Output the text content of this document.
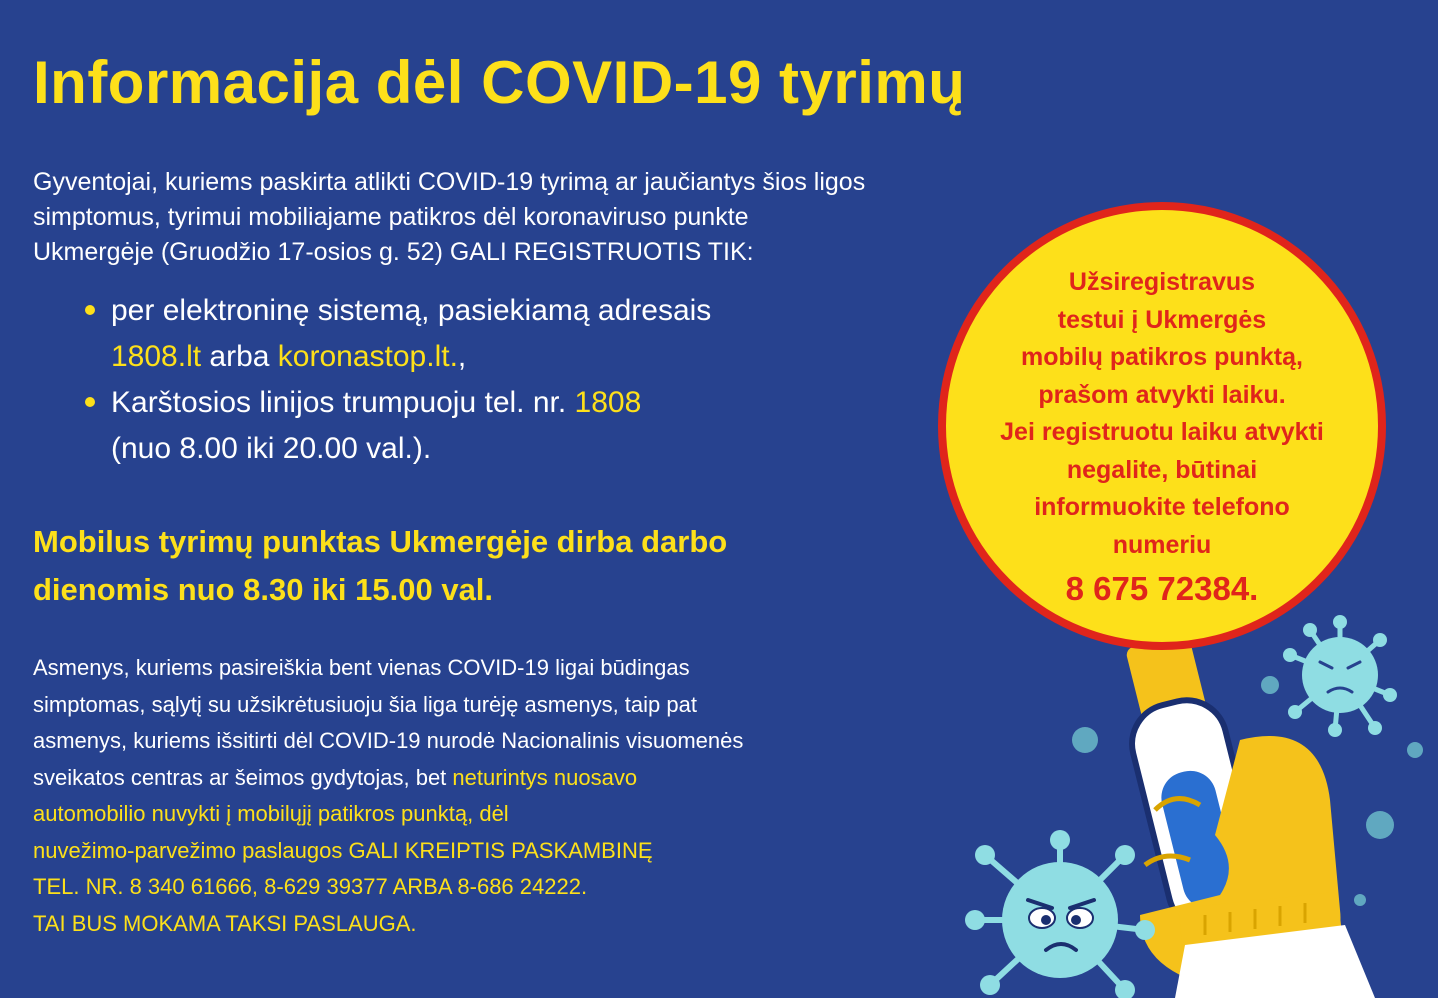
Informacija dėl COVID-19 tyrimų
Gyventojai, kuriems paskirta atlikti COVID-19 tyrimą ar jaučiantys šios ligos
simptomus, tyrimui mobiliajame patikros dėl koronaviruso punkte
Ukmergėje (Gruodžio 17-osios g. 52) GALI REGISTRUOTIS TIK:
per elektroninę sistemą, pasiekiamą adresais
1808.lt arba koronastop.lt.,
Karštosios linijos trumpuoju tel. nr. 1808
(nuo 8.00 iki 20.00 val.).
Mobilus tyrimų punktas Ukmergėje dirba darbo
dienomis nuo 8.30 iki 15.00 val.
Asmenys, kuriems pasireiškia bent vienas COVID-19 ligai būdingas
simptomas, sąlytį su užsikrėtusiuoju šia liga turėję asmenys, taip pat
asmenys, kuriems išsitirti dėl COVID-19 nurodė Nacionalinis visuomenės
sveikatos centras ar šeimos gydytojas, bet neturintys nuosavo
automobilio nuvykti į mobilųjį patikros punktą, dėl
nuvežimo-parvežimo paslaugos GALI KREIPTIS PASKAMBINĘ
TEL. NR. 8 340 61666, 8-629 39377 ARBA 8-686 24222.
TAI BUS MOKAMA TAKSI PASLAUGA.
Užsiregistravus
testui į Ukmergės
mobilų patikros punktą,
prašom atvykti laiku.
Jei registruotu laiku atvykti
negalite, būtinai
informuokite telefono
numeriu
8 675 72384.
